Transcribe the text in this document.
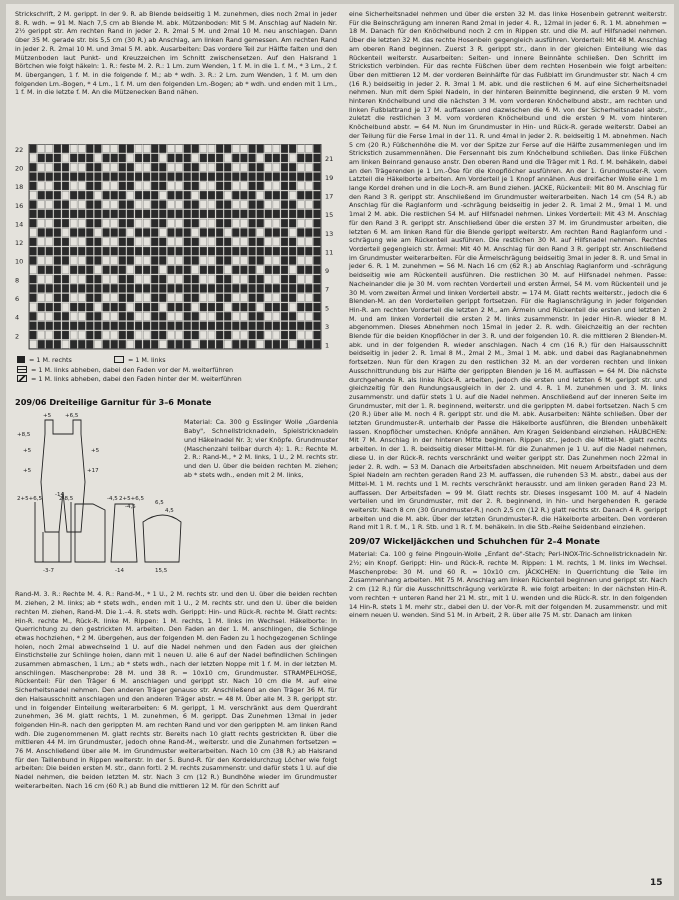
Strickschrift, 2 M. gerippt. In der 9. R. ab Blende beidseitig 1 M. zunehmen, dies noch 2mal in jeder 8. R. wdh. = 91 M. Nach 7,5 cm ab Blende M. abk. Mützenboden: Mit 5 M. Anschlag auf Nadeln Nr. 2½ gerippt str. Am rechten Rand in jeder 2. R. 2mal 5 M. und 2mal 10 M. neu anschlagen. Dann über 35 M. gerade str. bis 5,5 cm (30 R.) ab Anschlag, am linken Rand gemessen. Am rechten Rand in jeder 2. R. 2mal 10 M. und 3mal 5 M. abk. Ausarbeiten: Das vordere Teil zur Hälfte falten und den Mützenboden laut Punkt- und Kreuzzeichen im Schnitt zwischensetzen. Auf den Halsrand 1 Börtchen wie folgt häkeln: 1. R.: feste M. 2. R.: 1 Lm. zum Wenden, 1 f. M. in die 1. f. M., * 3 Lm., 2 f. M. übergangen, 1 f. M. in die folgende f. M.; ab * wdh. 3. R.: 2 Lm. zum Wenden, 1 f. M. um den folgenden Lm.-Bogen, * 4 Lm., 1 f. M. um den folgenden Lm.-Bogen; ab * wdh. und enden mit 1 Lm., 1 f. M. in die letzte f. M. An die Mützenecken Band nähen.

22
20
18
16
14
12
10
8
6
4
2
21
19
17
15
13
11
9
7
5
3
1
= 1 M. rechts	= 1 M. links
= 1 M. links abheben, dabei den Faden vor der M. weiterführen
= 1 M. links abheben, dabei den Faden hinter der M. weiterführen
209/06 Dreiteilige Garnitur für 3–6 Monate
+5	+6,5
+8,5
+5	+5
+5
-14
+17
2+5+6,5	2+5+6,5
2-8,5	-4,5
-4,5
6,5
4,5
-3-7	-14	15,5

Material: Ca. 300 g Esslinger Wolle „Gardenia Baby", Schnellstricknadeln, Spielstricknadeln und Häkelnadel Nr. 3; vier Knöpfe. Grundmuster (Maschenzahl teilbar durch 4): 1. R.: Rechte M. 2. R.: Rand-M., * 2 M. links, 1 U., 2 M. rechts str. und den U. über die beiden rechten M. ziehen; ab * stets wdh., enden mit 2 M. links,

Rand-M. 3. R.: Rechte M. 4. R.: Rand-M., * 1 U., 2 M. rechts str. und den U. über die beiden rechten M. ziehen, 2 M. links; ab * stets wdh., enden mit 1 U., 2 M. rechts str. und den U. über die beiden rechten M. ziehen, Rand-M. Die 1.–4. R. stets wdh. Gerippt: Hin- und Rück-R. rechte M. Glatt rechts: Hin-R. rechte M., Rück-R. linke M. Rippen: 1 M. rechts, 1 M. links im Wechsel. Häkelborte: In Querrichtung zu den gestrickten M. arbeiten. Den Faden an der 1. M. anschlingen, die Schlinge etwas hochziehen, * 2 M. übergehen, aus der folgenden M. den Faden zu 1 hochgezogenen Schlinge holen, noch 2mal abwechselnd 1 U. auf die Nadel nehmen und den Faden aus der gleichen Einstichstelle zur Schlinge holen, dann mit 1 neuen U. alle 6 auf der Nadel befindlichen Schlingen zusammen abmaschen, 1 Lm.; ab * stets wdh., nach der letzten Noppe mit 1 f. M. in der letzten M. anschlingen. Maschenprobe: 28 M. und 38 R. = 10x10 cm, Grundmuster. STRAMPELHOSE, Rückenteil: Für den Träger 6 M. anschlagen und gerippt str. Nach 10 cm die M. auf eine Sicherheitsnadel nehmen. Den anderen Träger genauso str. Anschließend an den Träger 36 M. für den Halsausschnitt anschlagen und den anderen Träger abstr. = 48 M. Über alle M. 3 R. gerippt str. und in folgender Einteilung weiterarbeiten: 6 M. gerippt, 1 M. verschränkt aus dem Querdraht zunehmen, 36 M. glatt rechts, 1 M. zunehmen, 6 M. gerippt. Das Zunehmen 13mal in jeder folgenden Hin-R. nach den gerippten M. am rechten Rand und vor den gerippten M. am linken Rand wdh. Die zugenommenen M. glatt rechts str. Bereits nach 10 glatt rechts gestrickten R. über die mittleren 44 M. im Grundmuster, jedoch ohne Rand-M., weiterstr. und die Zunahmen fortsetzen = 76 M. Anschließend über alle M. im Grundmuster weiterarbeiten. Nach 10 cm (38 R.) ab Halsrand für den Taillenbund in Rippen weiterstr. In der 5. Bund-R. für den Kordeldurchzug Löcher wie folgt arbeiten: Die beiden ersten M. str., dann fortl. 2 M. rechts zusammenstr. und dafür stets 1 U. auf die Nadel nehmen, die beiden letzten M. str. Nach 3 cm (12 R.) Bundhöhe wieder im Grundmuster weiterarbeiten. Nach 16 cm (60 R.) ab Bund die mittleren 12 M. für den Schritt auf

eine Sicherheitsnadel nehmen und über die ersten 32 M. das linke Hosenbein getrennt weiterstr. Für die Beinschrägung am inneren Rand 2mal in jeder 4. R., 12mal in jeder 6. R. 1 M. abnehmen = 18 M. Danach für den Knöchelbund noch 2 cm in Rippen str. und die M. auf Hilfsnadel nehmen. Über die letzten 32 M. das rechte Hosenbein gegengleich ausführen. Vorderteil: Mit 48 M. Anschlag am oberen Rand beginnen. Zuerst 3 R. gerippt str., dann in der gleichen Einteilung wie das Rückenteil weiterstr. Ausarbeiten: Seiten- und innere Beinnähte schließen. Den Schritt im Strickstich verbinden. Für das rechte Füßchen über dem rechten Hosenbein wie folgt arbeiten: Über den mittleren 12 M. der vorderen Beinhälfte für das Fußblatt im Grundmuster str. Nach 4 cm (16 R.) beidseitig in jeder 2. R. 3mal 1 M. abk. und die restlichen 6 M. auf eine Sicherheitsnadel nehmen. Nun mit dem Spiel Nadeln, in der hinteren Beinmitte beginnend, die ersten 9 M. vom hinteren Knöchelbund und die nächsten 3 M. vom vorderen Knöchelbund abstr., am rechten und linken Fußblattrand je 17 M. auffassen und dazwischen die 6 M. von der Sicherheitsnadel abstr., zuletzt die restlichen 3 M. vom vorderen Knöchelbund und die ersten 9 M. vom hinteren Knöchelbund abstr. = 64 M. Nun im Grundmuster in Hin- und Rück-R. gerade weiterstr. Dabei an der Teilung für die Ferse 1mal in der 11. R. und 4mal in jeder 2. R. beidseitig 1 M. abnehmen. Nach 5 cm (20 R.) Füßchenhöhe die M. vor der Spitze zur Ferse auf die Hälfte zusammenlegen und im Strickstich zusammennähen. Die Fersennaht bis zum Knöchelbund schließen. Das linke Füßchen am linken Beinrand genauso anstr. Den oberen Rand und die Träger mit 1 Rd. f. M. behäkeln, dabei an den Trägerenden je 1 Lm.-Öse für die Knopflöcher ausführen. An der 1. Grundmuster-R. vom Latzteil die Häkelborte arbeiten. Am Vorderteil je 1 Knopf annähen. Aus dreifacher Wolle eine 1 m lange Kordel drehen und in die Loch-R. am Bund ziehen. JACKE, Rückenteil: Mit 80 M. Anschlag für den Rand 3 R. gerippt str. Anschließend im Grundmuster weiterarbeiten. Nach 14 cm (54 R.) ab Anschlag für die Raglanform und -schrägung beidseitig in jeder 2. R. 1mal 2 M., 9mal 1 M. und 1mal 2 M. abk. Die restlichen 54 M. auf Hilfsnadel nehmen. Linkes Vorderteil: Mit 43 M. Anschlag für den Rand 3 R. gerippt str. Anschließend über die ersten 37 M. im Grundmuster arbeiten, die letzten 6 M. am linken Rand für die Blende gerippt weiterstr. Am rechten Rand Raglanform und -schrägung wie am Rückenteil ausführen. Die restlichen 30 M. auf Hilfsnadel nehmen. Rechtes Vorderteil gegengleich str. Ärmel: Mit 40 M. Anschlag für den Rand 3 R. gerippt str. Anschließend im Grundmuster weiterarbeiten. Für die Ärmelschrägung beidseitig 3mal in jeder 8. R. und 5mal in jeder 6. R. 1 M. zunehmen = 56 M. Nach 16 cm (62 R.) ab Anschlag Raglanform und -schrägung beidseitig wie am Rückenteil ausführen. Die restlichen 30 M. auf Hilfsnadel nehmen. Passe: Nacheinander die je 30 M. vom rechten Vorderteil und ersten Ärmel, 54 M. vom Rückenteil und je 30 M. vom zweiten Ärmel und linken Vorderteil abstr. = 174 M. Glatt rechts weiterstr., jedoch die 6 Blenden-M. an den Vorderteilen gerippt fortsetzen. Für die Raglanschrägung in jeder folgenden Hin-R. am rechten Vorderteil die letzten 2 M., am Ärmeln und Rückenteil die ersten und letzten 2 M. und am linken Vorderteil die ersten 2 M. links zusammenstr. In jeder Hin-R. wieder 8 M. abgenommen. Dieses Abnehmen noch 15mal in jeder 2. R. wdh. Gleichzeitig an der rechten Blende für die beiden Knopflöcher in der 3. R. und der folgenden 10. R. die mittleren 2 Blenden-M. abk. und in der folgenden R. wieder anschlagen. Nach 4 cm (16 R.) für den Halsausschnitt beidseitig in jeder 2. R. 1mal 8 M., 2mal 2 M., 3mal 1 M. abk. und dabei das Raglanabnehmen fortsetzen. Nun für den Kragen zu den restlichen 32 M. an der vorderen rechten und linken Ausschnittrundung bis zur Hälfte der gerippten Blenden je 16 M. auffassen = 64 M. Die nächste durchgehende R. als linke Rück-R. arbeiten, jedoch die ersten und letzten 6 M. gerippt str. und gleichzeitig für den Rundungsausgleich in der 2. und 4. R. 1 M. zunehmen und 3. M. links zusammenstr. und dafür stets 1 U. auf die Nadel nehmen. Anschließend auf der inneren Seite im Grundmuster, mit der 1. R. beginnend, weiterstr. und die gerippten M. dabei fortsetzen. Nach 5 cm (20 R.) über alle M. noch 4 R. gerippt str. und die M. abk. Ausarbeiten: Nähte schließen. Über der letzten Grundmuster-R. unterhalb der Passe die Häkelborte ausführen, die Blenden unbehäkelt lassen. Knopflöcher umstechen. Knöpfe annähen. Am Kragen Seidenband einziehen. HÄUBCHEN: Mit 7 M. Anschlag in der hinteren Mitte beginnen. Rippen str., jedoch die Mittel-M. glatt rechts arbeiten. In der 1. R. beidseitig dieser Mittel-M. für die Zunahmen je 1 U. auf die Nadel nehmen, diese U. in der Rück-R. rechts verschränkt und weiter gerippt str. Das Zunehmen noch 22mal in jeder 2. R. wdh. = 53 M. Danach die Arbeitsfaden abschneiden. Mit neuem Arbeitsfaden und dem Spiel Nadeln am rechten geraden Rand 23 M. auffassen, die ruhenden 53 M. abstr., dabei aus der Mittel-M. 1 M. rechts und 1 M. rechts verschränkt herausstr. und am linken geraden Rand 23 M. auffassen. Der Arbeitsfaden = 99 M. Glatt rechts str. Dieses insgesamt 100 M. auf 4 Nadeln verteilen und im Grundmuster, mit der 2. R. beginnend, in hin- und hergehenden R. gerade weiterstr. Nach 8 cm (30 Grundmuster-R.) noch 2,5 cm (12 R.) glatt rechts str. Danach 4 R. gerippt arbeiten und die M. abk. Über der letzten Grundmuster-R. die Häkelborte arbeiten. Den vorderen Rand mit 1 R. f. M., 1 R. Stb. und 1 R. f. M. behäkeln. In die Stb.-Reihe Seidenband einziehen.

209/07 Wickeljäckchen und Schuhchen für 2–4 Monate

Material: Ca. 100 g feine Pingouin-Wolle „Enfant de"-Stach; Perl-INOX-Tric-Schnellstricknadeln Nr. 2½; ein Knopf. Gerippt: Hin- und Rück-R. rechte M. Rippen: 1 M. rechts, 1 M. links im Wechsel. Maschenprobe: 30 M. und 60 R. = 10x10 cm. JÄCKCHEN: In Querrichtung die Teile im Zusammenhang arbeiten. Mit 75 M. Anschlag am linken Rückenteil beginnen und gerippt str. Nach 2 cm (12 R.) für die Ausschnittschrägung verkürzte R. wie folgt arbeiten: In der nächsten Hin-R. vom rechten + unteren Rand her 21 M. str., mit 1 U. wenden und die Rück-R. str. In den folgenden 14 Hin-R. stets 1 M. mehr str., dabei den U. der Vor-R. mit der folgenden M. zusammenstr. und mit einem neuen U. wenden. Sind 51 M. in Arbeit, 2 R. über alle 75 M. str. Danach am linken

15
